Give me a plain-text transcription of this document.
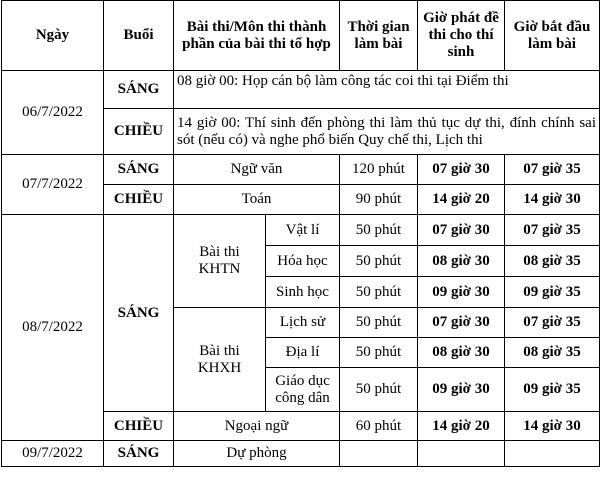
Ngày	Buổi	Bài thi/Môn thi thành phần của bài thi tổ hợp		Thời gian làm bài	Giờ phát đề thi cho thí sinh	Giờ bắt đầu làm bài
06/7/2022	SÁNG	08 giờ 00: Họp cán bộ làm công tác coi thi tại Điểm thi				
	CHIỀU	14 giờ 00: Thí sinh đến phòng thi làm thủ tục dự thi, đính chính sai sót (nếu có) và nghe phổ biến Quy chế thi, Lịch thi				
07/7/2022	SÁNG	Ngữ văn		120 phút	07 giờ 30	07 giờ 35
	CHIỀU	Toán		90 phút	14 giờ 20	14 giờ 30
08/7/2022	SÁNG	Bài thi KHTN	Vật lí	50 phút	07 giờ 30	07 giờ 35
			Hóa học	50 phút	08 giờ 30	08 giờ 35
			Sinh học	50 phút	09 giờ 30	09 giờ 35
		Bài thi KHXH	Lịch sử	50 phút	07 giờ 30	07 giờ 35
			Địa lí	50 phút	08 giờ 30	08 giờ 35
			Giáo dục công dân	50 phút	09 giờ 30	09 giờ 35
	CHIỀU	Ngoại ngữ		60 phút	14 giờ 20	14 giờ 30
09/7/2022	SÁNG	Dự phòng				
